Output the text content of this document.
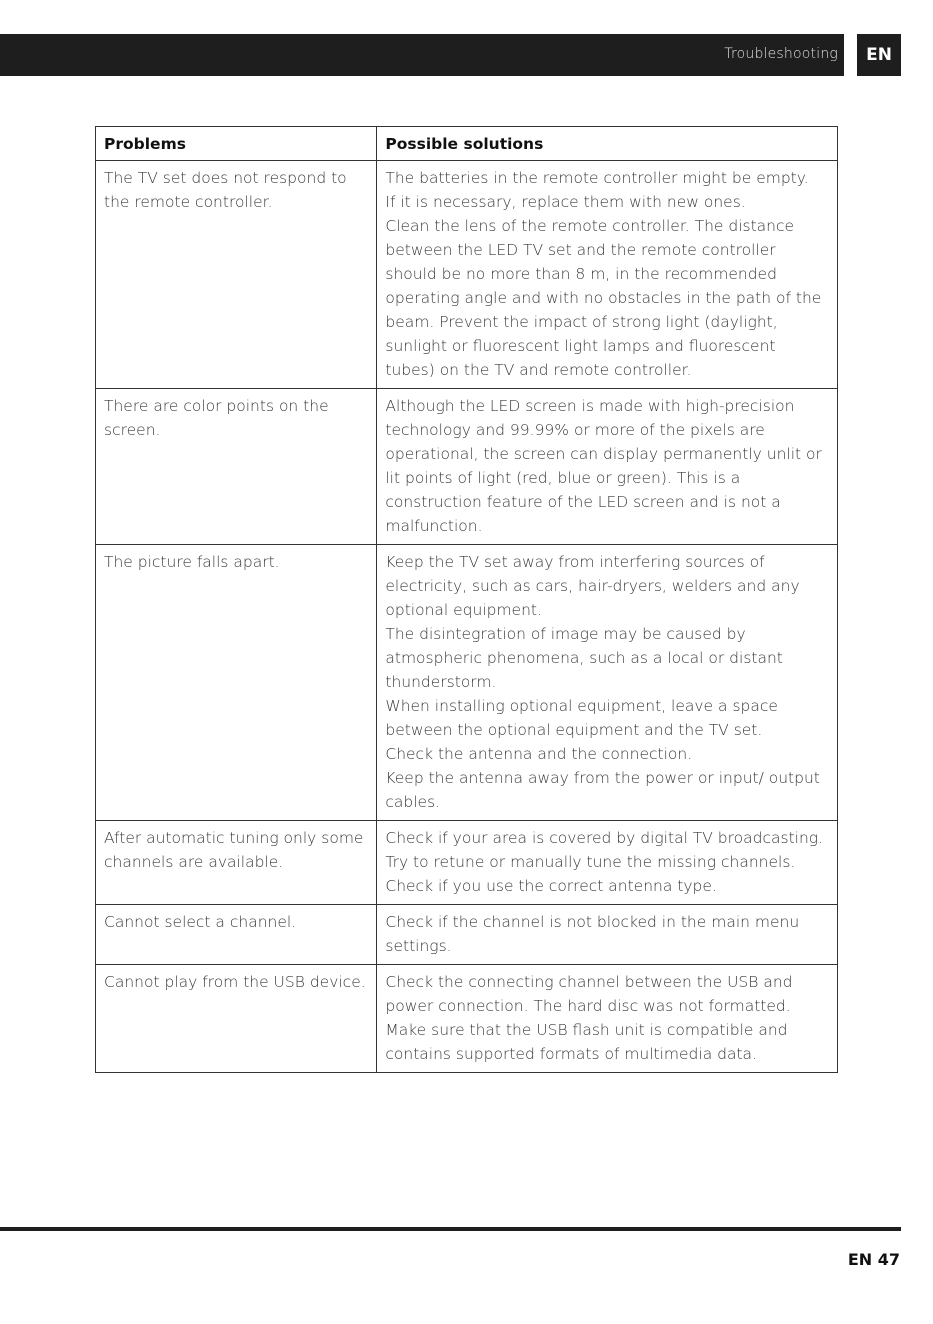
Troubleshooting	EN
Problems	Possible solutions
The TV set does not respond to the remote controller.	The batteries in the remote controller might be empty.
If it is necessary, replace them with new ones.
Clean the lens of the remote controller. The distance between the LED TV set and the remote controller should be no more than 8 m, in the recommended operating angle and with no obstacles in the path of the beam. Prevent the impact of strong light (daylight, sunlight or fluorescent light lamps and fluorescent tubes) on the TV and remote controller.

There are color points on the screen.	Although the LED screen is made with high-precision technology and 99.99% or more of the pixels are operational, the screen can display permanently unlit or lit points of light (red, blue or green). This is a construction feature of the LED screen and is not a malfunction.

The picture falls apart.	Keep the TV set away from interfering sources of electricity, such as cars, hair-dryers, welders and any optional equipment.
The disintegration of image may be caused by atmospheric phenomena, such as a local or distant thunderstorm.
When installing optional equipment, leave a space between the optional equipment and the TV set.
Check the antenna and the connection.
Keep the antenna away from the power or input/ output cables.

After automatic tuning only some channels are available.	Check if your area is covered by digital TV broadcasting. Try to retune or manually tune the missing channels.
Check if you use the correct antenna type.

Cannot select a channel.	Check if the channel is not blocked in the main menu settings.

Cannot play from the USB device.	Check the connecting channel between the USB and power connection. The hard disc was not formatted. Make sure that the USB flash unit is compatible and contains supported formats of multimedia data.
EN 47
